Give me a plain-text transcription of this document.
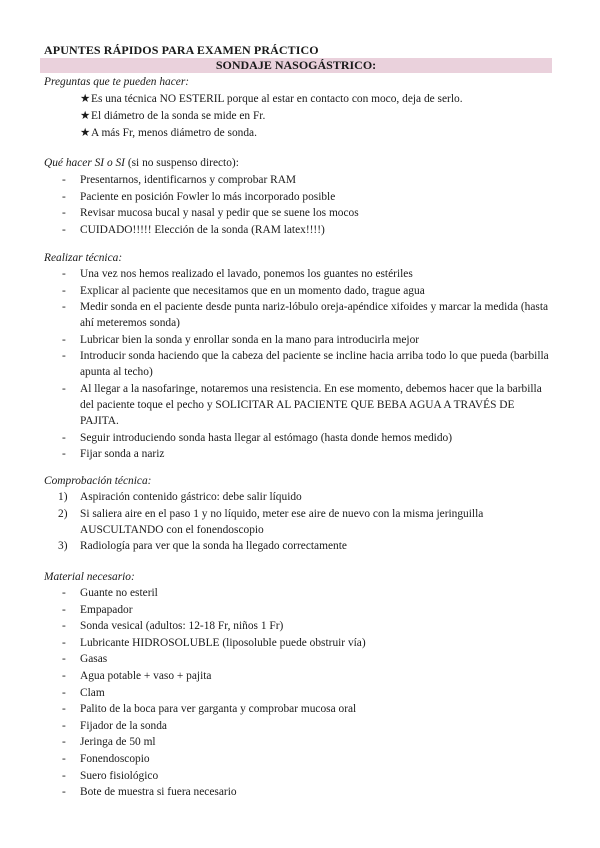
APUNTES RÁPIDOS PARA EXAMEN PRÁCTICO
SONDAJE NASOGÁSTRICO:
Preguntas que te pueden hacer:
★Es una técnica NO ESTERIL porque al estar en contacto con moco, deja de serlo.
★El diámetro de la sonda se mide en Fr.
★A más Fr, menos diámetro de sonda.
Qué hacer SI o SI (si no suspenso directo):
-	Presentarnos, identificarnos y comprobar RAM
-	Paciente en posición Fowler lo más incorporado posible
-	Revisar mucosa bucal y nasal y pedir que se suene los mocos
-	CUIDADO!!!!! Elección de la sonda (RAM latex!!!!)
Realizar técnica:
-	Una vez nos hemos realizado el lavado, ponemos los guantes no estériles
-	Explicar al paciente que necesitamos que en un momento dado, trague agua
-	Medir sonda en el paciente desde punta nariz-lóbulo oreja-apéndice xifoides y marcar la medida (hasta ahí meteremos sonda)
-	Lubricar bien la sonda y enrollar sonda en la mano para introducirla mejor
-	Introducir sonda haciendo que la cabeza del paciente se incline hacia arriba todo lo que pueda (barbilla apunta al techo)
-	Al llegar a la nasofaringe, notaremos una resistencia. En ese momento, debemos hacer que la barbilla del paciente toque el pecho y SOLICITAR AL PACIENTE QUE BEBA AGUA A TRAVÉS DE PAJITA.
-	Seguir introduciendo sonda hasta llegar al estómago (hasta donde hemos medido)
-	Fijar sonda a nariz
Comprobación técnica:
1)	Aspiración contenido gástrico: debe salir líquido
2)	Si saliera aire en el paso 1 y no líquido, meter ese aire de nuevo con la misma jeringuilla AUSCULTANDO con el fonendoscopio
3)	Radiología para ver que la sonda ha llegado correctamente
Material necesario:
-	Guante no esteril
-	Empapador
-	Sonda vesical (adultos: 12-18 Fr, niños 1 Fr)
-	Lubricante HIDROSOLUBLE (liposoluble puede obstruir vía)
-	Gasas
-	Agua potable + vaso + pajita
-	Clam
-	Palito de la boca para ver garganta y comprobar mucosa oral
-	Fijador de la sonda
-	Jeringa de 50 ml
-	Fonendoscopio
-	Suero fisiológico
-	Bote de muestra si fuera necesario
